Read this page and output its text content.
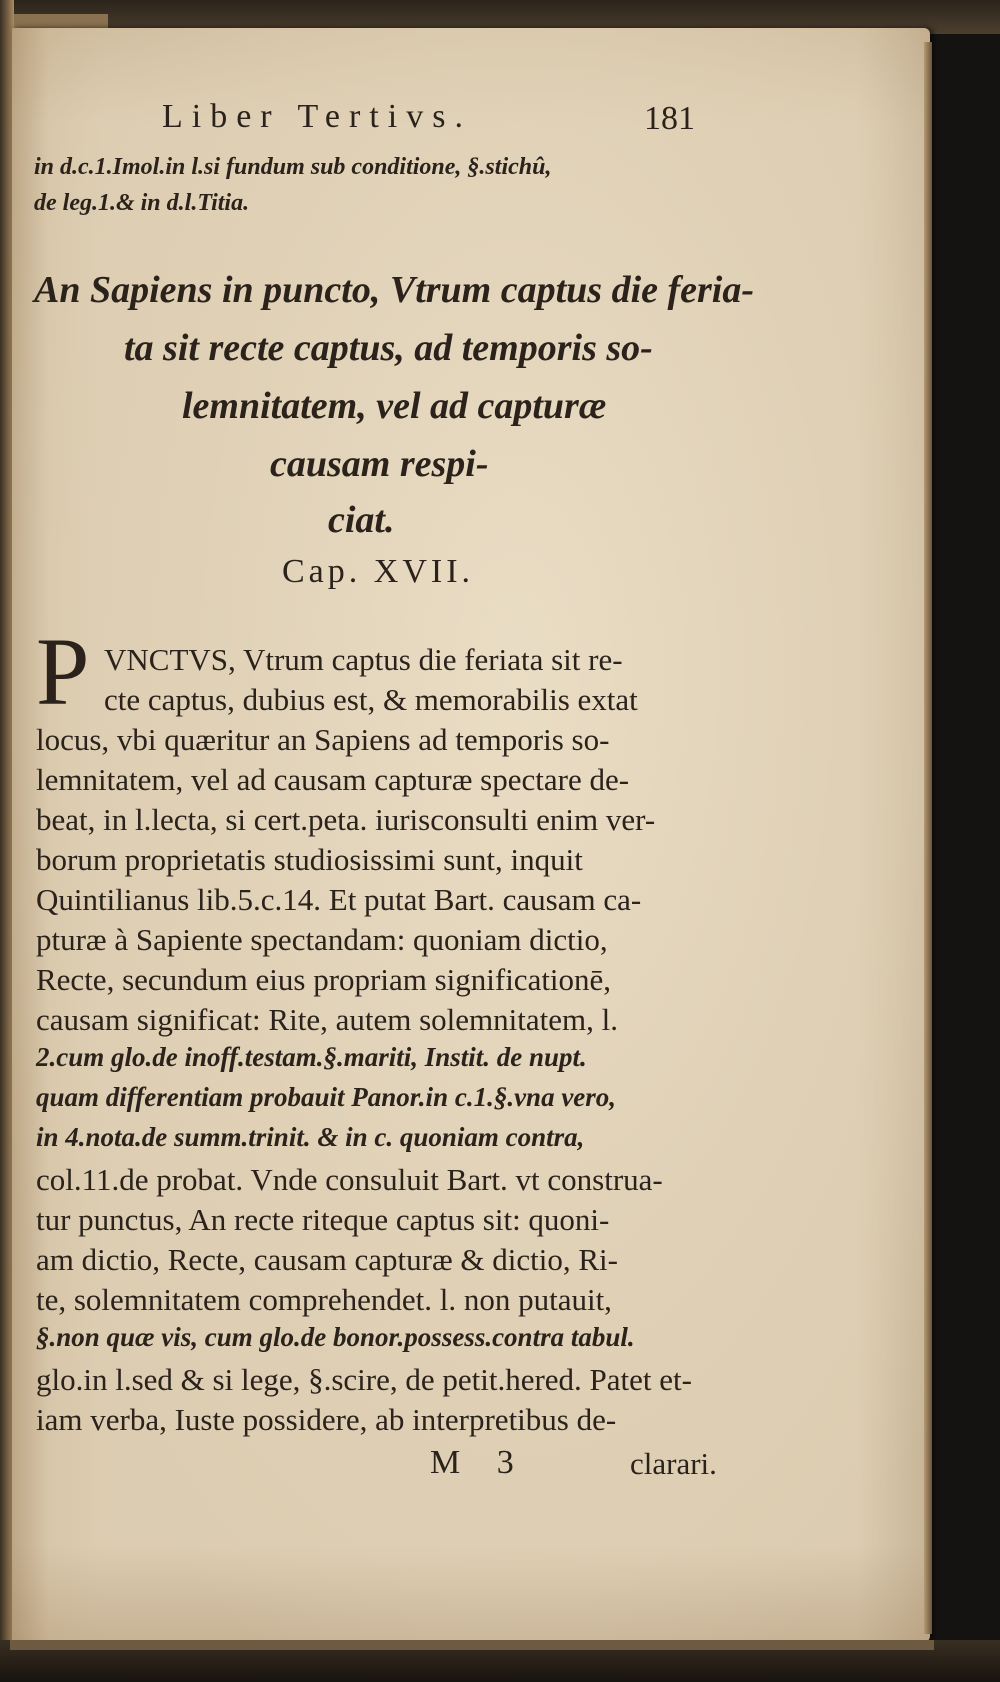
Liber Tertivs.	181
in d.c.1.Imol.in l.si fundum sub conditione, §.stichû,
de leg.1.& in d.l.Titia.
An Sapiens in puncto, Vtrum captus die feria-
ta sit recte captus, ad temporis so-
lemnitatem, vel ad capturæ
causam respi-
ciat.
Cap. XVII.
P VNCTVS, Vtrum captus die feriata sit re-
cte captus, dubius est, & memorabilis extat
locus, vbi quæritur an Sapiens ad temporis so-
lemnitatem, vel ad causam capturæ spectare de-
beat, in l.lecta, si cert.peta. iurisconsulti enim ver-
borum proprietatis studiosissimi sunt, inquit
Quintilianus lib.5.c.14. Et putat Bart. causam ca-
pturæ à Sapiente spectandam: quoniam dictio,
Recte, secundum eius propriam significationē,
causam significat: Rite, autem solemnitatem, l.
2.cum glo.de inoff.testam.§.mariti, Instit. de nupt.
quam differentiam probauit Panor.in c.1.§.vna vero,
in 4.nota.de summ.trinit. & in c. quoniam contra,
col.11.de probat. Vnde consuluit Bart. vt construa-
tur punctus, An recte riteque captus sit: quoni-
am dictio, Recte, causam capturæ & dictio, Ri-
te, solemnitatem comprehendet. l. non putauit,
§.non quæ vis, cum glo.de bonor.possess.contra tabul.
glo.in l.sed & si lege, §.scire, de petit.hered. Patet et-
iam verba, Iuste possidere, ab interpretibus de-
M 3	clarari.
